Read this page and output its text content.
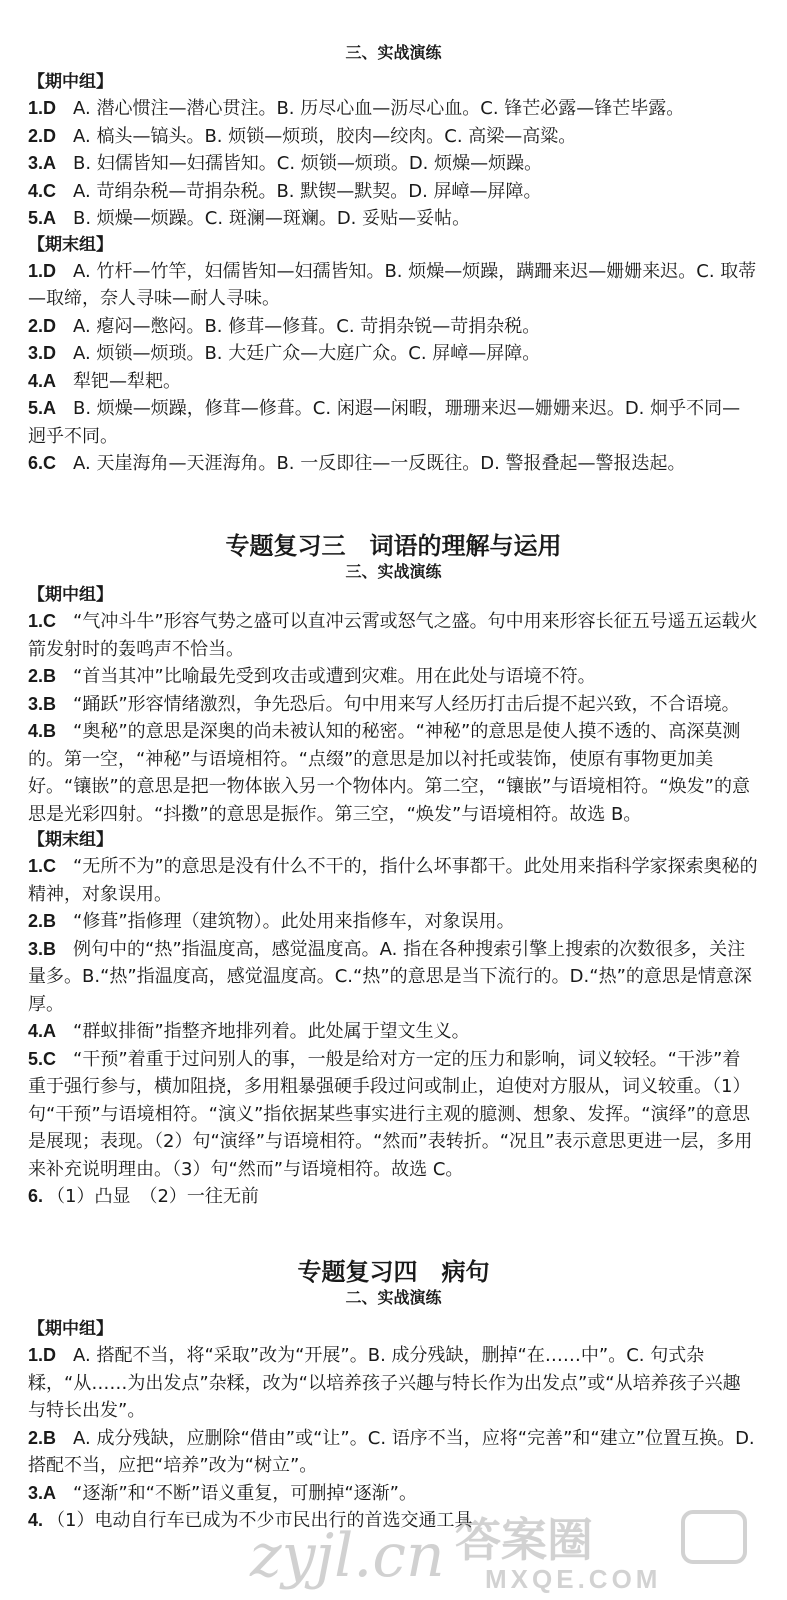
三、实战演练

【期中组】

1.D A. 潜心惯注—潜心贯注。B. 历尽心血—沥尽心血。C. 锋芒必露—锋芒毕露。
2.D A. 槁头—镐头。B. 烦锁—烦琐，胶肉—绞肉。C. 高梁—高粱。
3.A B. 妇儒皆知—妇孺皆知。C. 烦锁—烦琐。D. 烦燥—烦躁。
4.C A. 苛绢杂税—苛捐杂税。B. 默锲—默契。D. 屏嶂—屏障。
5.A B. 烦燥—烦躁。C. 斑澜—斑斓。D. 妥贴—妥帖。

【期末组】

1.D A. 竹杆—竹竿，妇儒皆知—妇孺皆知。B. 烦燥—烦躁，蹒跚来迟—姗姗来迟。C. 取蒂—取缔，奈人寻味—耐人寻味。
2.D A. 瘪闷—憋闷。B. 修茸—修葺。C. 苛捐杂锐—苛捐杂税。
3.D A. 烦锁—烦琐。B. 大廷广众—大庭广众。C. 屏嶂—屏障。
4.A 犁钯—犁耙。
5.A B. 烦燥—烦躁，修茸—修葺。C. 闲遐—闲暇，珊珊来迟—姗姗来迟。D. 炯乎不同—迥乎不同。
6.C A. 天崖海角—天涯海角。B. 一反即往—一反既往。D. 警报叠起—警报迭起。

专题复习三　词语的理解与运用

三、实战演练

【期中组】

1.C “气冲斗牛”形容气势之盛可以直冲云霄或怒气之盛。句中用来形容长征五号遥五运载火箭发射时的轰鸣声不恰当。
2.B “首当其冲”比喻最先受到攻击或遭到灾难。用在此处与语境不符。
3.B “踊跃”形容情绪激烈，争先恐后。句中用来写人经历打击后提不起兴致，不合语境。
4.B “奥秘”的意思是深奥的尚未被认知的秘密。“神秘”的意思是使人摸不透的、高深莫测的。第一空，“神秘”与语境相符。“点缀”的意思是加以衬托或装饰，使原有事物更加美好。“镶嵌”的意思是把一物体嵌入另一个物体内。第二空，“镶嵌”与语境相符。“焕发”的意思是光彩四射。“抖擞”的意思是振作。第三空，“焕发”与语境相符。故选 B。

【期末组】

1.C “无所不为”的意思是没有什么不干的，指什么坏事都干。此处用来指科学家探索奥秘的精神，对象误用。
2.B “修葺”指修理（建筑物）。此处用来指修车，对象误用。
3.B 例句中的“热”指温度高，感觉温度高。A. 指在各种搜索引擎上搜索的次数很多，关注量多。B.“热”指温度高，感觉温度高。C.“热”的意思是当下流行的。D.“热”的意思是情意深厚。
4.A “群蚁排衙”指整齐地排列着。此处属于望文生义。
5.C “干预”着重于过问别人的事，一般是给对方一定的压力和影响，词义较轻。“干涉”着重于强行参与，横加阻挠，多用粗暴强硬手段过问或制止，迫使对方服从，词义较重。（1）句“干预”与语境相符。“演义”指依据某些事实进行主观的臆测、想象、发挥。“演绎”的意思是展现；表现。（2）句“演绎”与语境相符。“然而”表转折。“况且”表示意思更进一层，多用来补充说明理由。（3）句“然而”与语境相符。故选 C。
6. （1）凸显　（2）一往无前

专题复习四　病句

二、实战演练

【期中组】

1.D A. 搭配不当，将“采取”改为“开展”。B. 成分残缺，删掉“在……中”。C. 句式杂糅，“从……为出发点”杂糅，改为“以培养孩子兴趣与特长作为出发点”或“从培养孩子兴趣与特长出发”。
2.B A. 成分残缺，应删除“借由”或“让”。C. 语序不当，应将“完善”和“建立”位置互换。D. 搭配不当，应把“培养”改为“树立”。
3.A “逐渐”和“不断”语义重复，可删掉“逐渐”。
4. （1）电动自行车已成为不少市民出行的首选交通工具
答案圈
MXQE.COM
zyjl.cn
